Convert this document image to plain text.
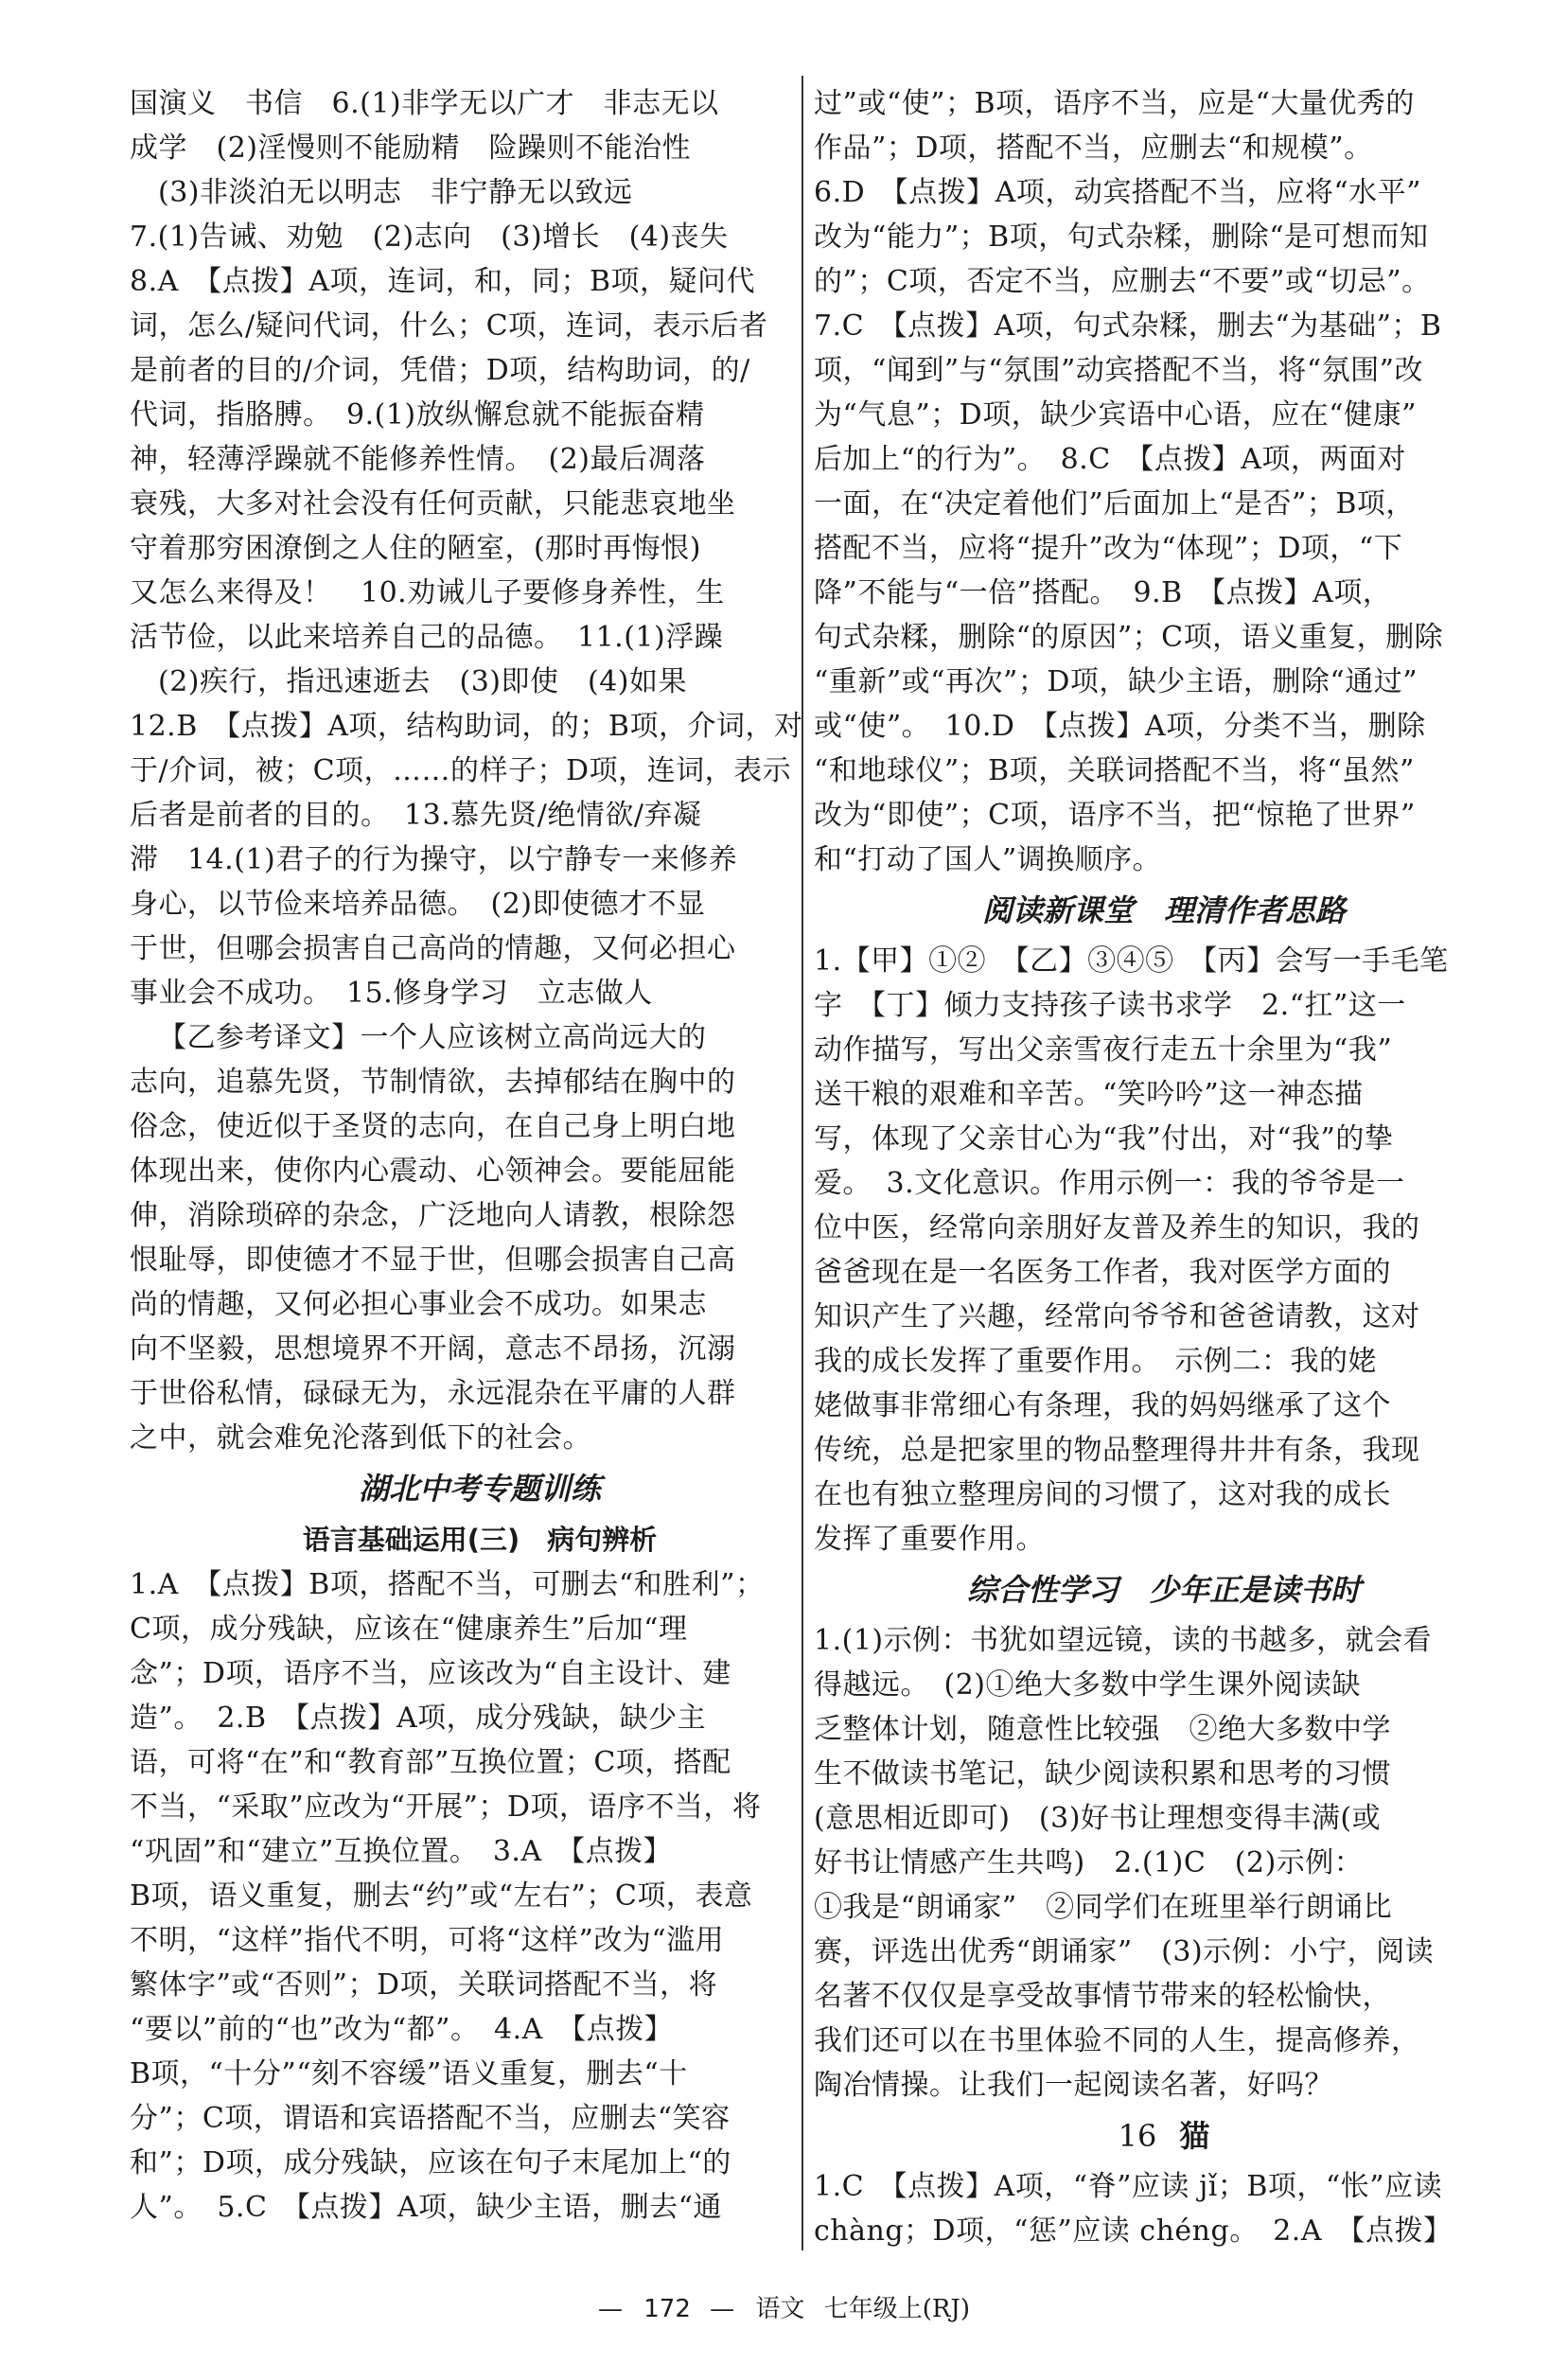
国演义　书信　6.(1)非学无以广才　非志无以
成学　(2)淫慢则不能励精　险躁则不能治性
(3)非淡泊无以明志　非宁静无以致远
7.(1)告诫、劝勉　(2)志向　(3)增长　(4)丧失
8.A　【点拨】A项，连词，和，同；B项，疑问代
词，怎么/疑问代词，什么；C项，连词，表示后者
是前者的目的/介词，凭借；D项，结构助词，的/
代词，指胳膊。　9.(1)放纵懈怠就不能振奋精
神，轻薄浮躁就不能修养性情。　(2)最后凋落
衰残，大多对社会没有任何贡献，只能悲哀地坐
守着那穷困潦倒之人住的陋室，(那时再悔恨)
又怎么来得及！　10.劝诫儿子要修身养性，生
活节俭，以此来培养自己的品德。　11.(1)浮躁
(2)疾行，指迅速逝去　(3)即使　(4)如果
12.B　【点拨】A项，结构助词，的；B项，介词，对
于/介词，被；C项，……的样子；D项，连词，表示
后者是前者的目的。　13.慕先贤/绝情欲/弃凝
滞　14.(1)君子的行为操守，以宁静专一来修养
身心，以节俭来培养品德。　(2)即使德才不显
于世，但哪会损害自己高尚的情趣，又何必担心
事业会不成功。　15.修身学习　立志做人
【乙参考译文】一个人应该树立高尚远大的
志向，追慕先贤，节制情欲，去掉郁结在胸中的
俗念，使近似于圣贤的志向，在自己身上明白地
体现出来，使你内心震动、心领神会。要能屈能
伸，消除琐碎的杂念，广泛地向人请教，根除怨
恨耻辱，即使德才不显于世，但哪会损害自己高
尚的情趣，又何必担心事业会不成功。如果志
向不坚毅，思想境界不开阔，意志不昂扬，沉溺
于世俗私情，碌碌无为，永远混杂在平庸的人群
之中，就会难免沦落到低下的社会。
湖北中考专题训练
语言基础运用(三)　病句辨析
1.A　【点拨】B项，搭配不当，可删去“和胜利”；
C项，成分残缺，应该在“健康养生”后加“理
念”；D项，语序不当，应该改为“自主设计、建
造”。　2.B　【点拨】A项，成分残缺，缺少主
语，可将“在”和“教育部”互换位置；C项，搭配
不当，“采取”应改为“开展”；D项，语序不当，将
“巩固”和“建立”互换位置。　3.A　【点拨】
B项，语义重复，删去“约”或“左右”；C项，表意
不明，“这样”指代不明，可将“这样”改为“滥用
繁体字”或“否则”；D项，关联词搭配不当，将
“要以”前的“也”改为“都”。　4.A　【点拨】
B项，“十分”“刻不容缓”语义重复，删去“十
分”；C项，谓语和宾语搭配不当，应删去“笑容
和”；D项，成分残缺，应该在句子末尾加上“的
人”。　5.C　【点拨】A项，缺少主语，删去“通
过”或“使”；B项，语序不当，应是“大量优秀的
作品”；D项，搭配不当，应删去“和规模”。
6.D　【点拨】A项，动宾搭配不当，应将“水平”
改为“能力”；B项，句式杂糅，删除“是可想而知
的”；C项，否定不当，应删去“不要”或“切忌”。
7.C　【点拨】A项，句式杂糅，删去“为基础”；B
项，“闻到”与“氛围”动宾搭配不当，将“氛围”改
为“气息”；D项，缺少宾语中心语，应在“健康”
后加上“的行为”。　8.C　【点拨】A项，两面对
一面，在“决定着他们”后面加上“是否”；B项，
搭配不当，应将“提升”改为“体现”；D项，“下
降”不能与“一倍”搭配。　9.B　【点拨】A项，
句式杂糅，删除“的原因”；C项，语义重复，删除
“重新”或“再次”；D项，缺少主语，删除“通过”
或“使”。　10.D　【点拨】A项，分类不当，删除
“和地球仪”；B项，关联词搭配不当，将“虽然”
改为“即使”；C项，语序不当，把“惊艳了世界”
和“打动了国人”调换顺序。
阅读新课堂　理清作者思路
1.【甲】①②　【乙】③④⑤　【丙】会写一手毛笔
字　【丁】倾力支持孩子读书求学　2.“扛”这一
动作描写，写出父亲雪夜行走五十余里为“我”
送干粮的艰难和辛苦。“笑吟吟”这一神态描
写，体现了父亲甘心为“我”付出，对“我”的挚
爱。　3.文化意识。作用示例一：我的爷爷是一
位中医，经常向亲朋好友普及养生的知识，我的
爸爸现在是一名医务工作者，我对医学方面的
知识产生了兴趣，经常向爷爷和爸爸请教，这对
我的成长发挥了重要作用。　示例二：我的姥
姥做事非常细心有条理，我的妈妈继承了这个
传统，总是把家里的物品整理得井井有条，我现
在也有独立整理房间的习惯了，这对我的成长
发挥了重要作用。
综合性学习　少年正是读书时
1.(1)示例：书犹如望远镜，读的书越多，就会看
得越远。　(2)①绝大多数中学生课外阅读缺
乏整体计划，随意性比较强　②绝大多数中学
生不做读书笔记，缺少阅读积累和思考的习惯
(意思相近即可)　(3)好书让理想变得丰满(或
好书让情感产生共鸣)　2.(1)C　(2)示例：
①我是“朗诵家”　②同学们在班里举行朗诵比
赛，评选出优秀“朗诵家”　(3)示例：小宁，阅读
名著不仅仅是享受故事情节带来的轻松愉快，
我们还可以在书里体验不同的人生，提高修养，
陶冶情操。让我们一起阅读名著，好吗？
16 猫
1.C　【点拨】A项，“脊”应读 jǐ；B项，“怅”应读
chàng；D项，“惩”应读 chéng。　2.A　【点拨】
— 172 — 语文 七年级上(RJ)
